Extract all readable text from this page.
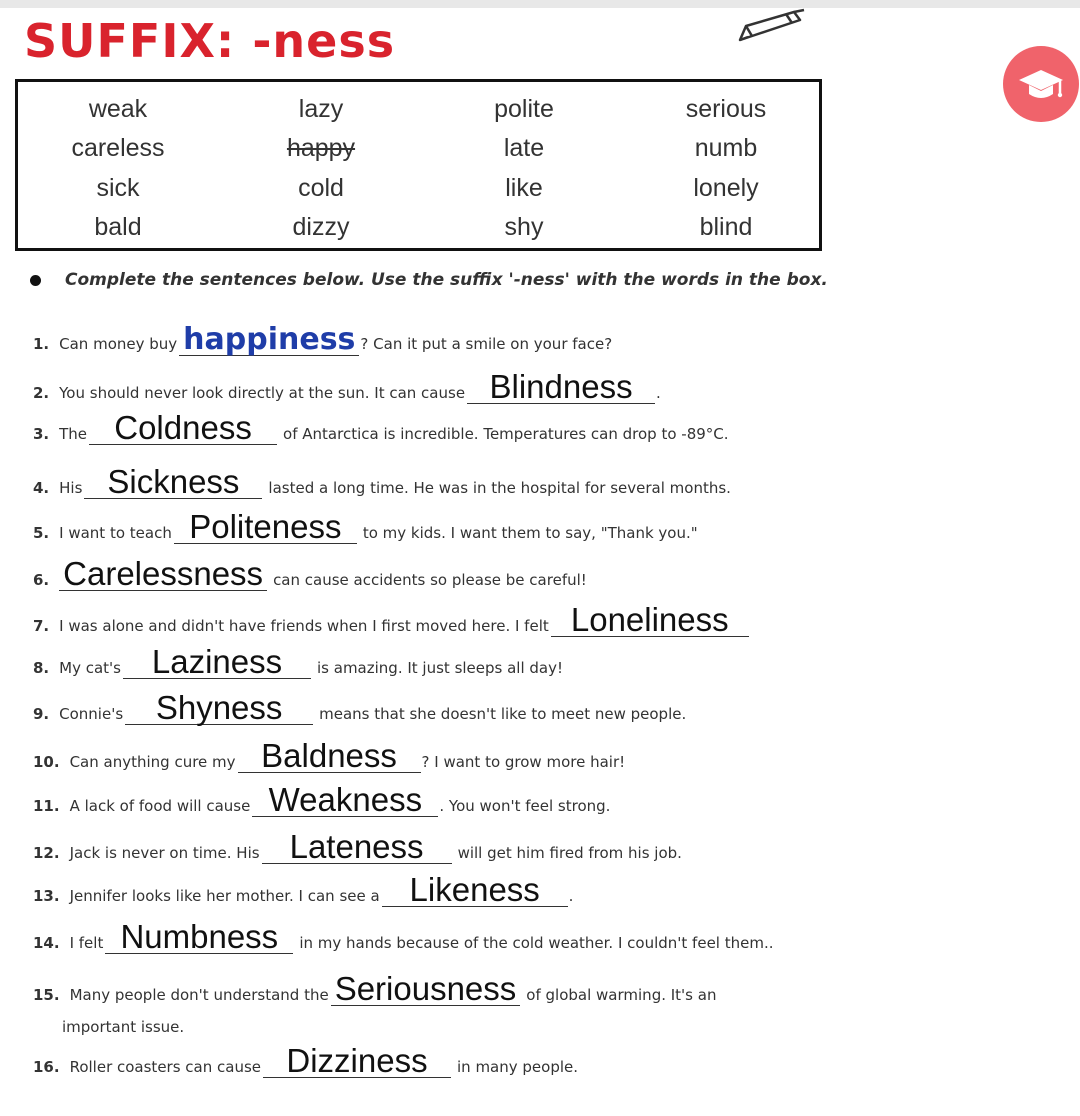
SUFFIX: -ness
weak	lazy	polite	serious
careless	happy	late	numb
sick	cold	like	lonely
bald	dizzy	shy	blind
Complete the sentences below. Use the suffix '-ness' with the words in the box.
1. Can money buy happiness ? Can it put a smile on your face?
2. You should never look directly at the sun. It can cause Blindness .
3. The Coldness of Antarctica is incredible. Temperatures can drop to -89°C.
4. His Sickness lasted a long time. He was in the hospital for several months.
5. I want to teach Politeness to my kids. I want them to say, "Thank you."
6. Carelessness can cause accidents so please be careful!
7. I was alone and didn't have friends when I first moved here. I felt Loneliness
8. My cat's Laziness is amazing. It just sleeps all day!
9. Connie's Shyness means that she doesn't like to meet new people.
10. Can anything cure my Baldness ? I want to grow more hair!
11. A lack of food will cause Weakness . You won't feel strong.
12. Jack is never on time. His Lateness will get him fired from his job.
13. Jennifer looks like her mother. I can see a Likeness .
14. I felt Numbness in my hands because of the cold weather. I couldn't feel them..
15. Many people don't understand the Seriousness of global warming. It's an
16. Roller coasters can cause Dizziness in many people.
important issue.
